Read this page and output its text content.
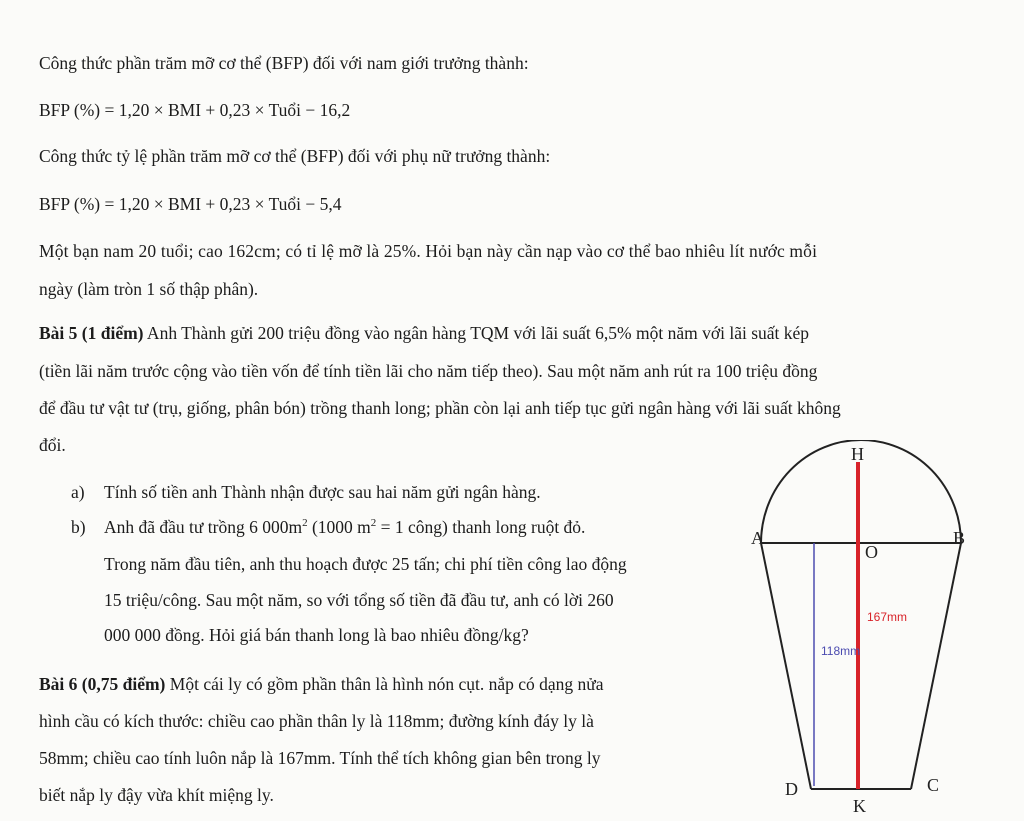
Công thức phần trăm mỡ cơ thể (BFP) đối với nam giới trưởng thành:
BFP (%) = 1,20 × BMI + 0,23 × Tuổi − 16,2
Công thức tỷ lệ phần trăm mỡ cơ thể (BFP) đối với phụ nữ trưởng thành:
BFP (%) = 1,20 × BMI + 0,23 × Tuổi − 5,4
Một bạn nam 20 tuổi; cao 162cm; có tỉ lệ mỡ là 25%. Hỏi bạn này cần nạp vào cơ thể bao nhiêu lít nước mỗi
ngày (làm tròn 1 số thập phân).
Bài 5 (1 điểm) Anh Thành gửi 200 triệu đồng vào ngân hàng TQM với lãi suất 6,5% một năm với lãi suất kép
(tiền lãi năm trước cộng vào tiền vốn để tính tiền lãi cho năm tiếp theo). Sau một năm anh rút ra 100 triệu đồng
để đầu tư vật tư (trụ, giống, phân bón) trồng thanh long; phần còn lại anh tiếp tục gửi ngân hàng với lãi suất không
đổi.
a) Tính số tiền anh Thành nhận được sau hai năm gửi ngân hàng.
b) Anh đã đầu tư trồng 6 $000m^2$ (1000 $m^2 = 1$ công) thanh long ruột đỏ.
Trong năm đầu tiên, anh thu hoạch được 25 tấn; chi phí tiền công lao động
15 triệu/công. Sau một năm, so với tổng số tiền đã đầu tư, anh có lời 260
000 000 đồng. Hỏi giá bán thanh long là bao nhiêu đồng/kg?
Bài 6 (0,75 điểm) Một cái ly có gồm phần thân là hình nón cụt. nắp có dạng nửa
hình cầu có kích thước: chiều cao phần thân ly là 118mm; đường kính đáy ly là
58mm; chiều cao tính luôn nắp là 167mm. Tính thể tích không gian bên trong ly
biết nắp ly đậy vừa khít miệng ly.
H
A	B
O
D	C
K
167mm
118mm
